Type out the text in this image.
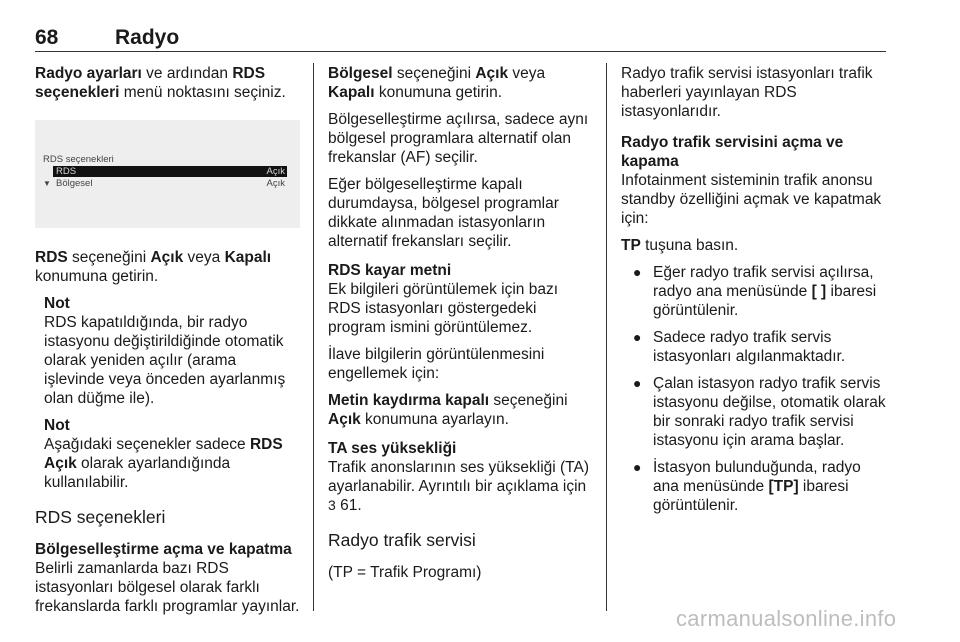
68	Radyo

Radyo ayarları ve ardından RDS seçenekleri menü noktasını seçiniz.

RDS seçenekleri
RDS	Açık
▼ Bölgesel	Açık

RDS seçeneğini Açık veya Kapalı konumuna getirin.

Not

RDS kapatıldığında, bir radyo istasyonu değiştirildiğinde otomatik olarak yeniden açılır (arama işlevinde veya önceden ayarlanmış olan düğme ile).

Not

Aşağıdaki seçenekler sadece RDS Açık olarak ayarlandığında kullanılabilir.

RDS seçenekleri
Bölgeselleştirme açma ve kapatma

Belirli zamanlarda bazı RDS istasyonları bölgesel olarak farklı frekanslarda farklı programlar yayınlar.

Bölgesel seçeneğini Açık veya Kapalı konumuna getirin.

Bölgeselleştirme açılırsa, sadece aynı bölgesel programlara alternatif olan frekanslar (AF) seçilir.

Eğer bölgeselleştirme kapalı durumdaysa, bölgesel programlar dikkate alınmadan istasyonların alternatif frekansları seçilir.

RDS kayar metni

Ek bilgileri görüntülemek için bazı RDS istasyonları göstergedeki program ismini görüntülemez.

İlave bilgilerin görüntülenmesini engellemek için:

Metin kaydırma kapalı seçeneğini Açık konumuna ayarlayın.

TA ses yüksekliği

Trafik anonslarının ses yüksekliği (TA) ayarlanabilir. Ayrıntılı bir açıklama için 3 61.

Radyo trafik servisi

(TP = Trafik Programı)

Radyo trafik servisi istasyonları trafik haberleri yayınlayan RDS istasyonlarıdır.

Radyo trafik servisini açma ve kapama

Infotainment sisteminin trafik anonsu standby özelliğini açmak ve kapatmak için:

TP tuşuna basın.

● Eğer radyo trafik servisi açılırsa, radyo ana menüsünde [ ] ibaresi görüntülenir.
● Sadece radyo trafik servis istasyonları algılanmaktadır.
● Çalan istasyon radyo trafik servis istasyonu değilse, otomatik olarak bir sonraki radyo trafik servisi istasyonu için arama başlar.
● İstasyon bulunduğunda, radyo ana menüsünde [TP] ibaresi görüntülenir.
carmanualsonline.info
